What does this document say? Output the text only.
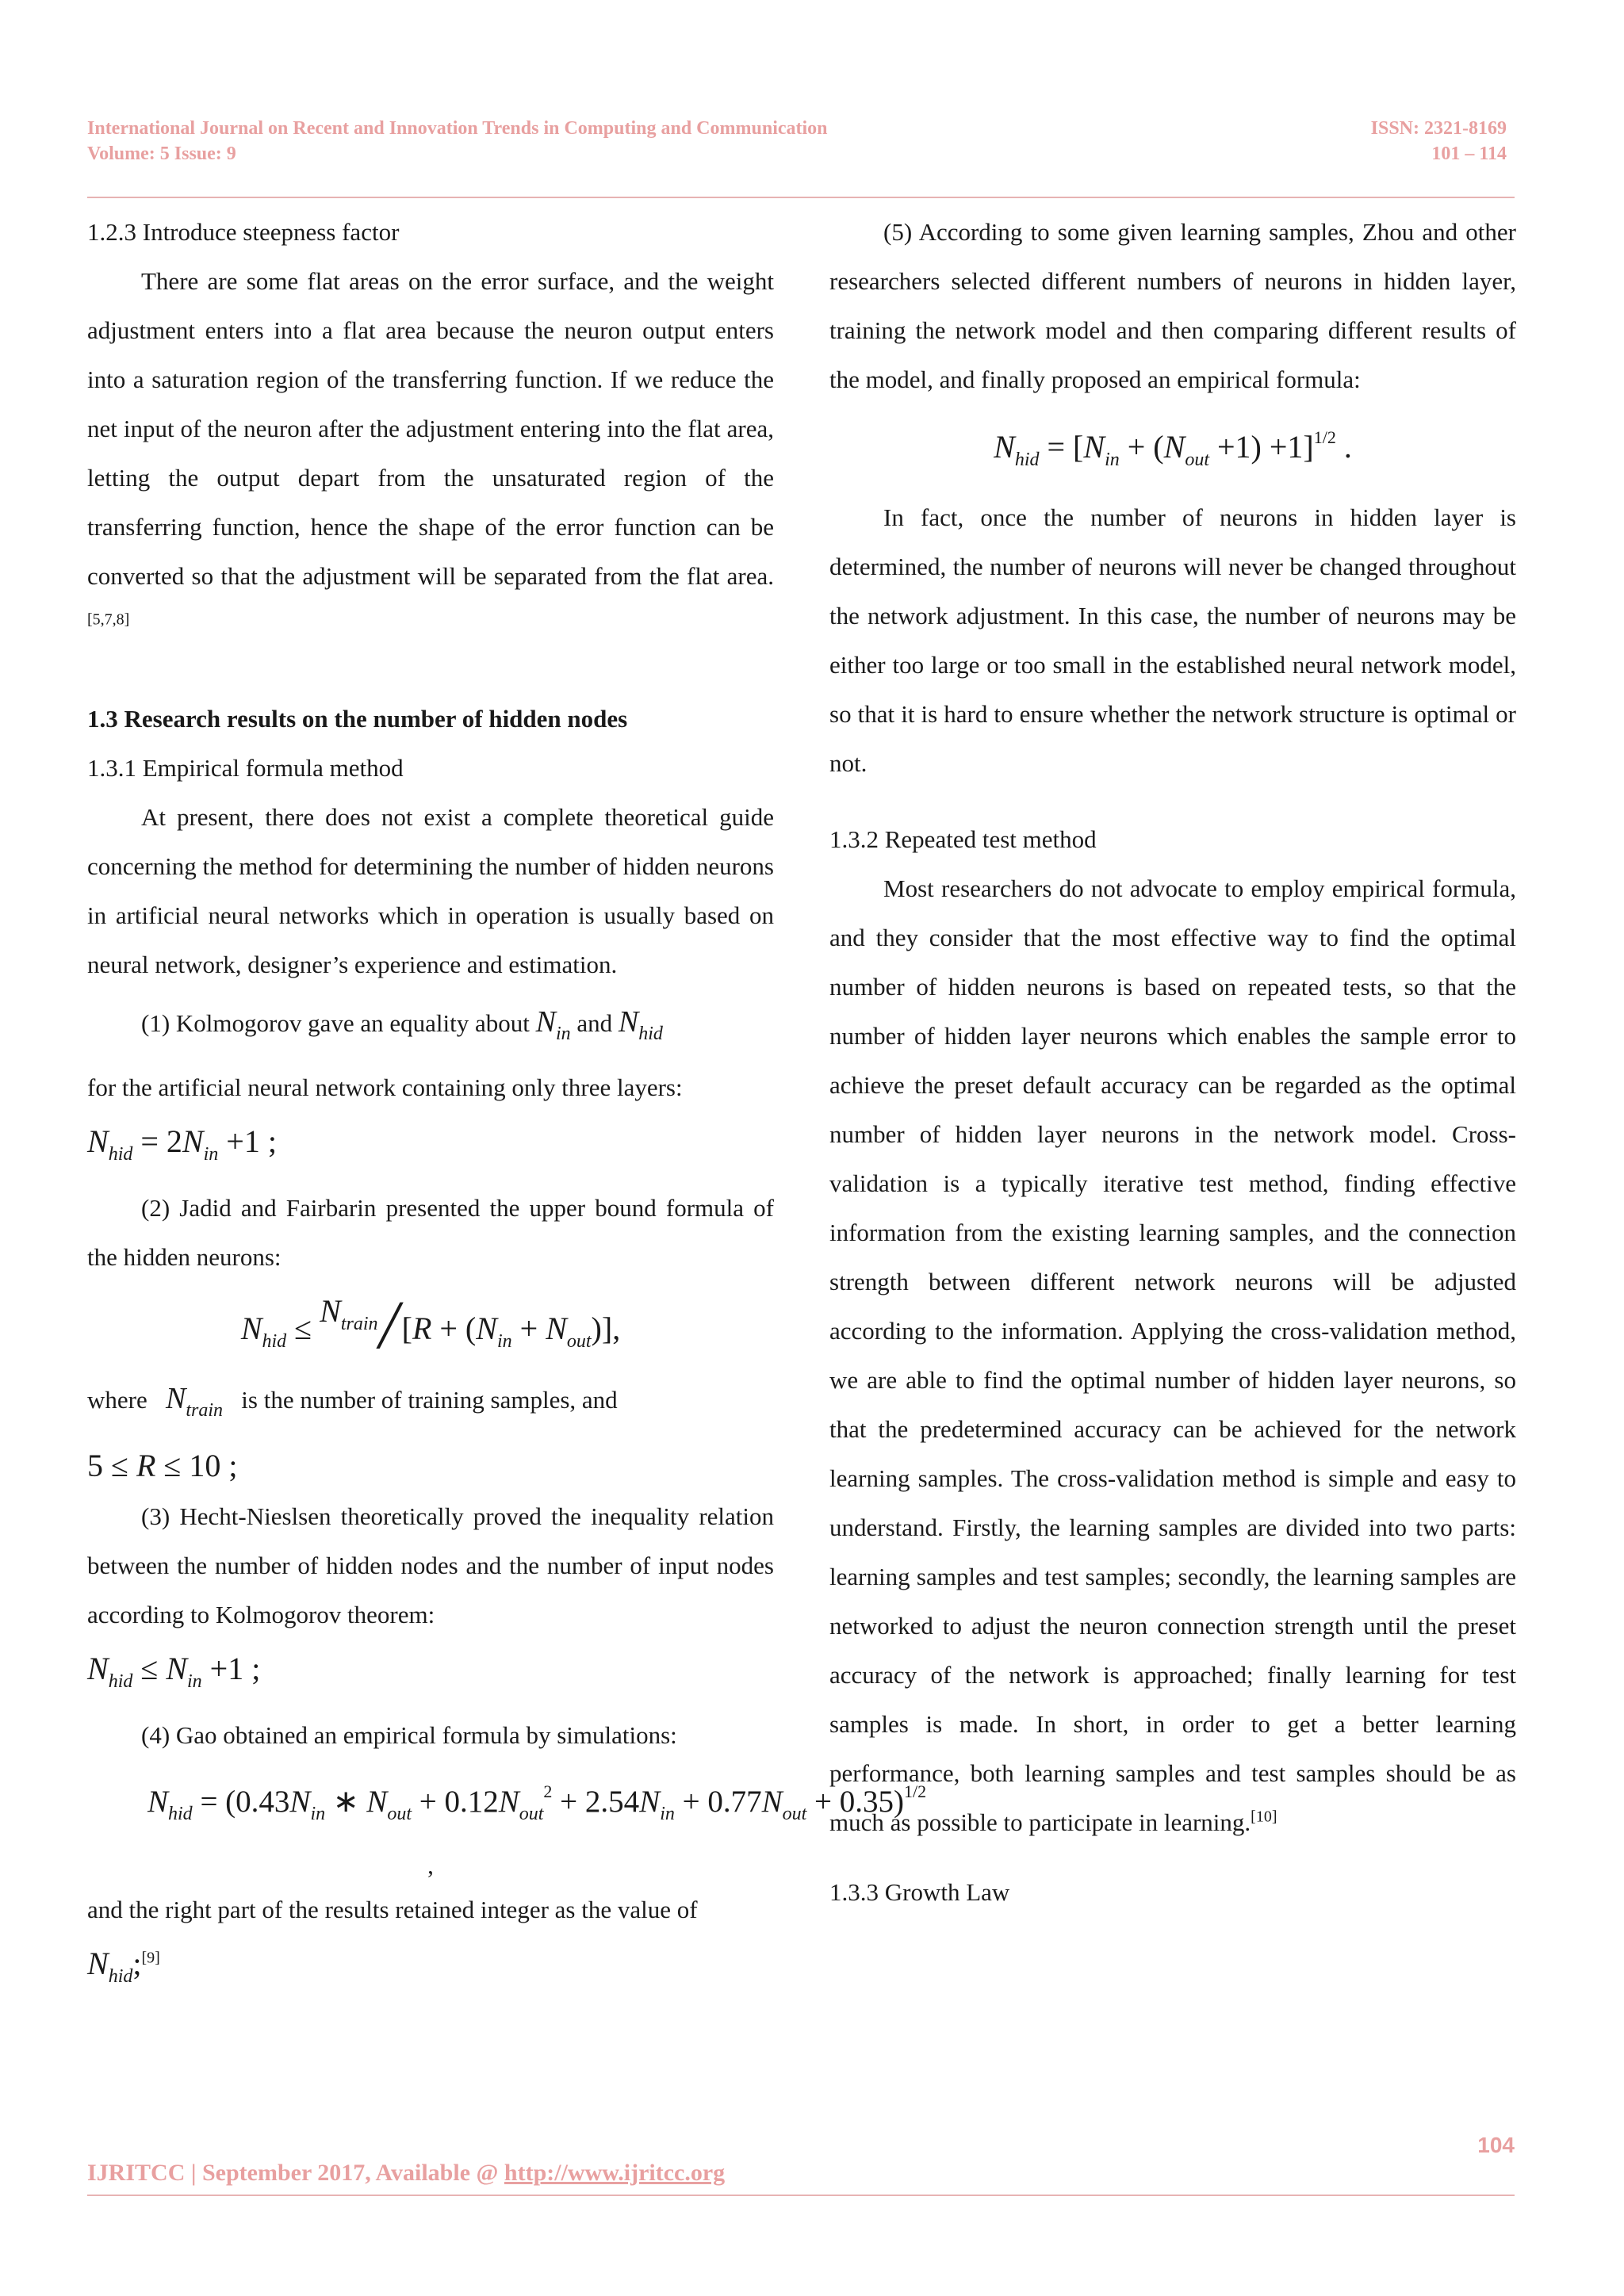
International Journal on Recent and Innovation Trends in Computing and Communication
Volume: 5 Issue: 9
ISSN: 2321-8169
101 – 114

1.2.3 Introduce steepness factor

There are some flat areas on the error surface, and the weight adjustment enters into a flat area because the neuron output enters into a saturation region of the transferring function. If we reduce the net input of the neuron after the adjustment entering into the flat area, letting the output depart from the unsaturated region of the transferring function, hence the shape of the error function can be converted so that the adjustment will be separated from the flat area.[5,7,8]

1.3 Research results on the number of hidden nodes

1.3.1 Empirical formula method

At present, there does not exist a complete theoretical guide concerning the method for determining the number of hidden neurons in artificial neural networks which in operation is usually based on neural network, designer’s experience and estimation.

(1) Kolmogorov gave an equality about $N_{in}$ and $N_{hid}$

for the artificial neural network containing only three layers:

$N_{hid} = 2N_{in} +1$ ;

(2) Jadid and Fairbarin presented the upper bound formula of the hidden neurons:

$N_{hid}$ ≤ $N_{train}╱[R + (N_{in} + N_{out})]$,

where $N_{train}$ is the number of training samples, and

5 ≤ R ≤ 10 ;

(3) Hecht-Nieslsen theoretically proved the inequality relation between the number of hidden nodes and the number of input nodes according to Kolmogorov theorem:

$N_{hid} \le N_{in} +1$ ;

(4) Gao obtained an empirical formula by simulations:

$N_{hid} = (0.43N_{in}$ ∗ $N_{out} + 0.12N_{out}^2 + 2.54N_{in} + 0.77N_{out} + 0.35)^{1/2}$
,

and the right part of the results retained integer as the value of

$N_{hid};[9]$

(5) According to some given learning samples, Zhou and other researchers selected different numbers of neurons in hidden layer, training the network model and then comparing different results of the model, and finally proposed an empirical formula:

$N_{hid} = [N_{in} + (N_{out} +1) +1]^{1/2}$ .

In fact, once the number of neurons in hidden layer is determined, the number of neurons will never be changed throughout the network adjustment. In this case, the number of neurons may be either too large or too small in the established neural network model, so that it is hard to ensure whether the network structure is optimal or not.

1.3.2 Repeated test method

Most researchers do not advocate to employ empirical formula, and they consider that the most effective way to find the optimal number of hidden neurons is based on repeated tests, so that the number of hidden layer neurons which enables the sample error to achieve the preset default accuracy can be regarded as the optimal number of hidden layer neurons in the network model. Cross-validation is a typically iterative test method, finding effective information from the existing learning samples, and the connection strength between different network neurons will be adjusted according to the information. Applying the cross-validation method, we are able to find the optimal number of hidden layer neurons, so that the predetermined accuracy can be achieved for the network learning samples. The cross-validation method is simple and easy to understand. Firstly, the learning samples are divided into two parts: learning samples and test samples; secondly, the learning samples are networked to adjust the neuron connection strength until the preset accuracy of the network is approached; finally learning for test samples is made. In short, in order to get a better learning performance, both learning samples and test samples should be as much as possible to participate in learning.[10]

1.3.3 Growth Law

104
IJRITCC | September 2017, Available @ http://www.ijritcc.org
